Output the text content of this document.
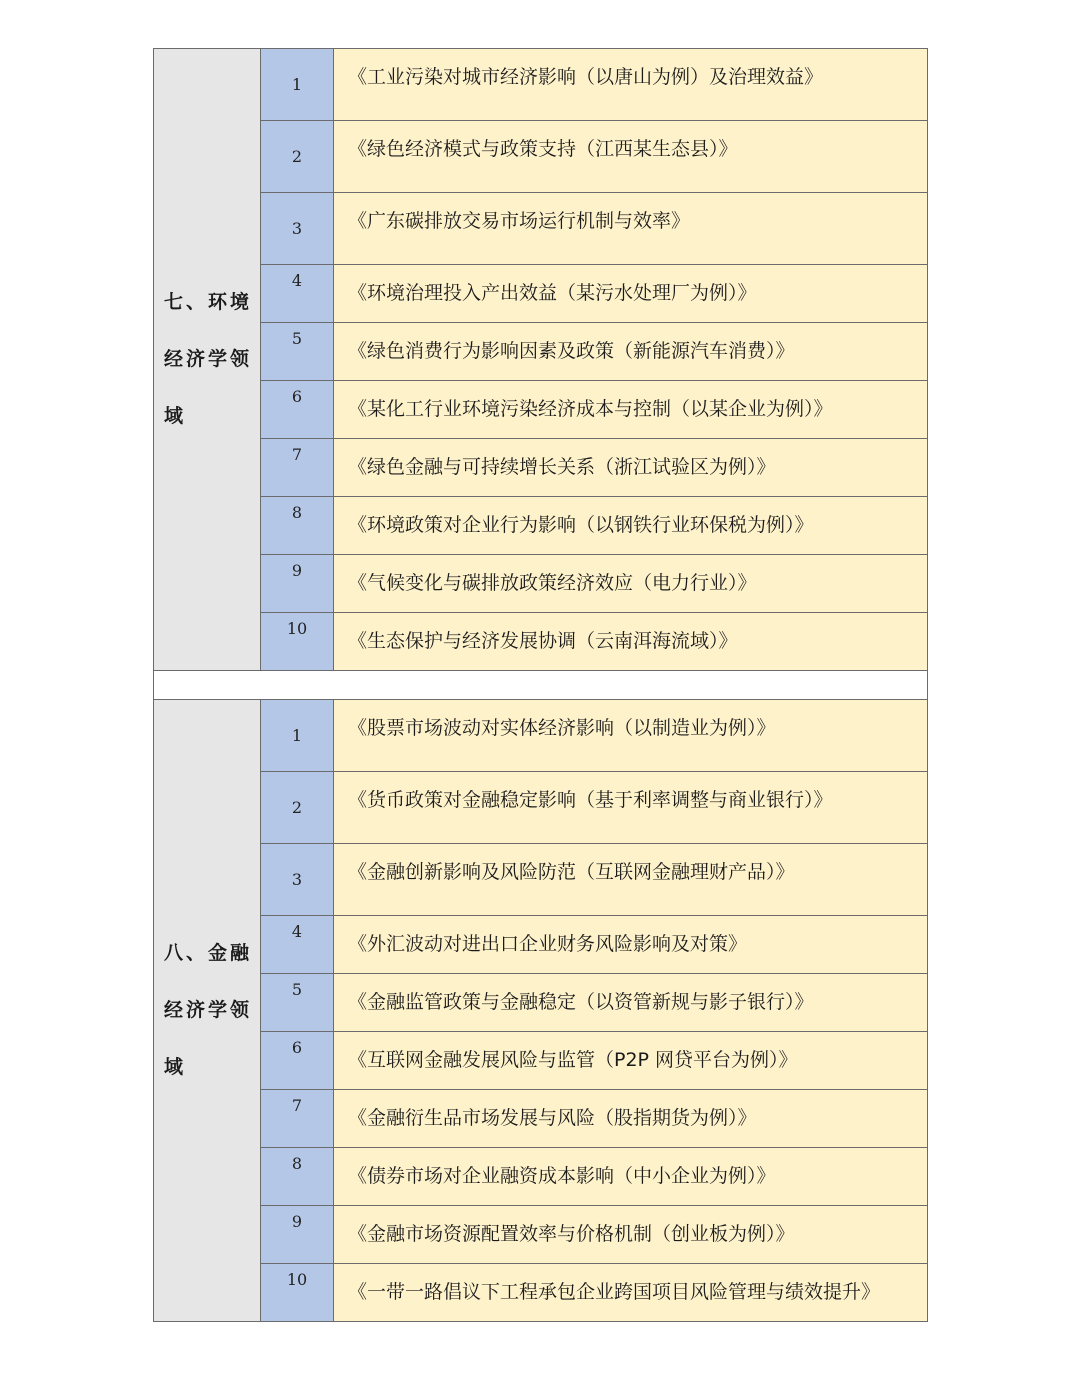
七、环境经济学领域	1	《工业污染对城市经济影响（以唐山为例）及治理效益》
	2	《绿色经济模式与政策支持（江西某生态县）》
	3	《广东碳排放交易市场运行机制与效率》
	4	《环境治理投入产出效益（某污水处理厂为例）》
	5	《绿色消费行为影响因素及政策（新能源汽车消费）》
	6	《某化工行业环境污染经济成本与控制（以某企业为例）》
	7	《绿色金融与可持续增长关系（浙江试验区为例）》
	8	《环境政策对企业行为影响（以钢铁行业环保税为例）》
	9	《气候变化与碳排放政策经济效应（电力行业）》
	10	《生态保护与经济发展协调（云南洱海流域）》

八、金融经济学领域	1	《股票市场波动对实体经济影响（以制造业为例）》
	2	《货币政策对金融稳定影响（基于利率调整与商业银行）》
	3	《金融创新影响及风险防范（互联网金融理财产品）》
	4	《外汇波动对进出口企业财务风险影响及对策》
	5	《金融监管政策与金融稳定（以资管新规与影子银行）》
	6	《互联网金融发展风险与监管（P2P 网贷平台为例）》
	7	《金融衍生品市场发展与风险（股指期货为例）》
	8	《债券市场对企业融资成本影响（中小企业为例）》
	9	《金融市场资源配置效率与价格机制（创业板为例）》
	10	《一带一路倡议下工程承包企业跨国项目风险管理与绩效提升》
